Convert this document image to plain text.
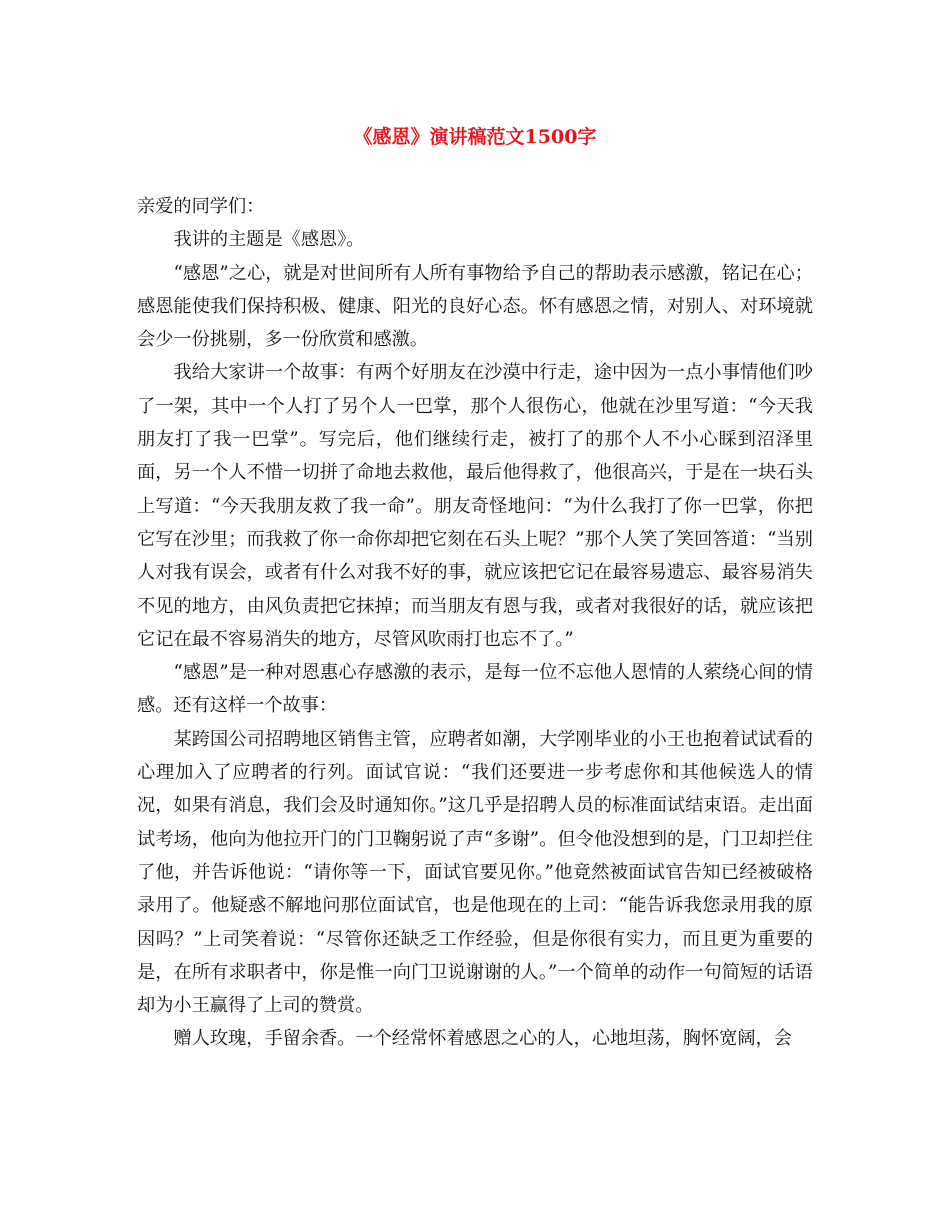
《感恩》演讲稿范文1500字

亲爱的同学们：

我讲的主题是《感恩》。

“感恩”之心，就是对世间所有人所有事物给予自己的帮助表示感激，铭记在心；感恩能使我们保持积极、健康、阳光的良好心态。怀有感恩之情，对别人、对环境就会少一份挑剔，多一份欣赏和感激。

我给大家讲一个故事：有两个好朋友在沙漠中行走，途中因为一点小事情他们吵了一架，其中一个人打了另个人一巴掌，那个人很伤心，他就在沙里写道：“今天我朋友打了我一巴掌”。写完后，他们继续行走，被打了的那个人不小心睬到沼泽里面，另一个人不惜一切拼了命地去救他，最后他得救了，他很高兴，于是在一块石头上写道：“今天我朋友救了我一命”。朋友奇怪地问：“为什么我打了你一巴掌，你把它写在沙里；而我救了你一命你却把它刻在石头上呢？”那个人笑了笑回答道：“当别人对我有误会，或者有什么对我不好的事，就应该把它记在最容易遗忘、最容易消失不见的地方，由风负责把它抹掉；而当朋友有恩与我，或者对我很好的话，就应该把它记在最不容易消失的地方，尽管风吹雨打也忘不了。”

“感恩”是一种对恩惠心存感激的表示，是每一位不忘他人恩情的人萦绕心间的情感。还有这样一个故事：

某跨国公司招聘地区销售主管，应聘者如潮，大学刚毕业的小王也抱着试试看的心理加入了应聘者的行列。面试官说：“我们还要进一步考虑你和其他候选人的情况，如果有消息，我们会及时通知你。”这几乎是招聘人员的标准面试结束语。走出面试考场，他向为他拉开门的门卫鞠躬说了声“多谢”。但令他没想到的是，门卫却拦住了他，并告诉他说：“请你等一下，面试官要见你。”他竟然被面试官告知已经被破格录用了。他疑惑不解地问那位面试官，也是他现在的上司：“能告诉我您录用我的原因吗？”上司笑着说：“尽管你还缺乏工作经验，但是你很有实力，而且更为重要的是，在所有求职者中，你是惟一向门卫说谢谢的人。”一个简单的动作一句简短的话语却为小王赢得了上司的赞赏。

赠人玫瑰，手留余香。一个经常怀着感恩之心的人，心地坦荡，胸怀宽阔，会
